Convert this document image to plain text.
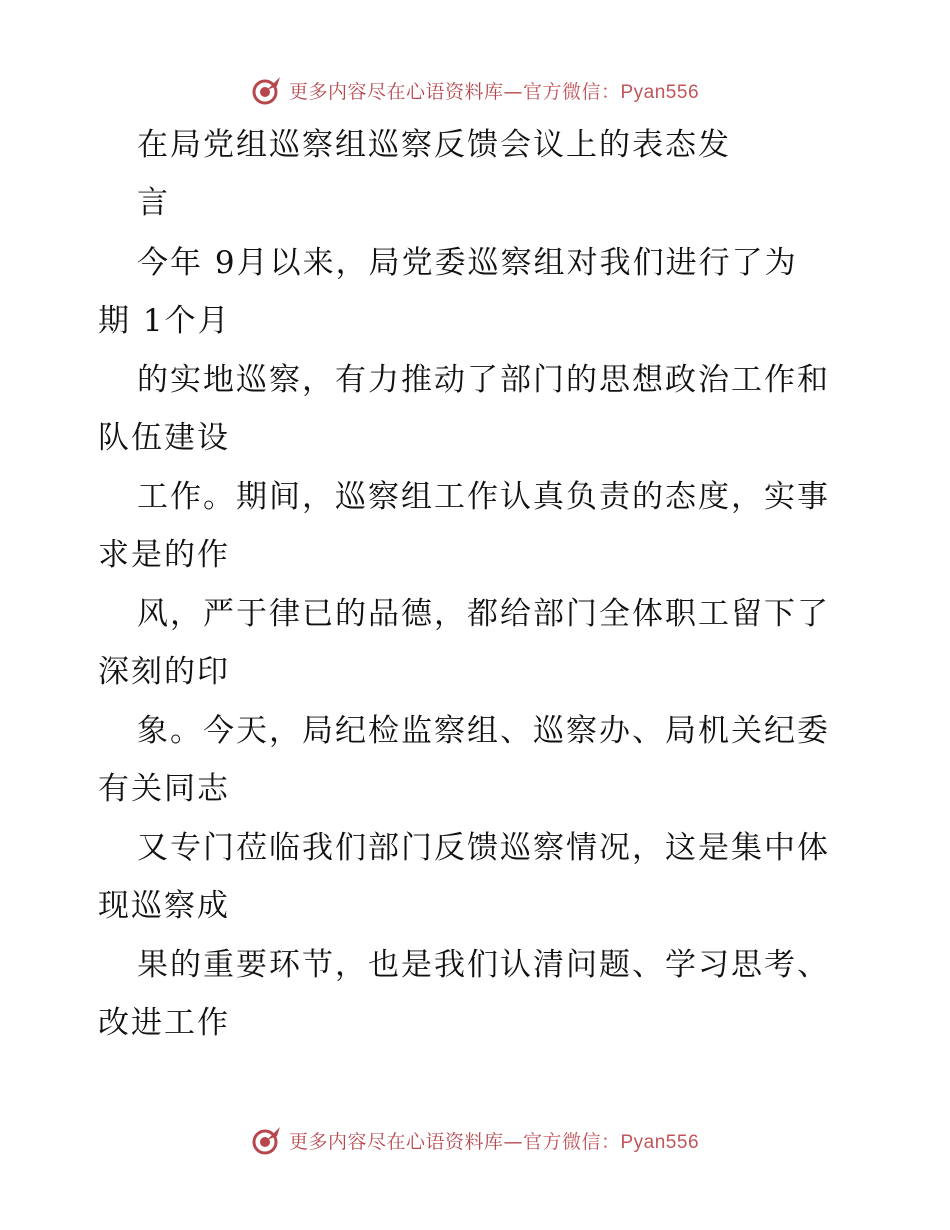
更多内容尽在心语资料库—官方微信：Pyan556
在局党组巡察组巡察反馈会议上的表态发
言
今年 9月以来，局党委巡察组对我们进行了为
期 1个月
的实地巡察，有力推动了部门的思想政治工作和
队伍建设
工作。期间，巡察组工作认真负责的态度，实事
求是的作
风，严于律已的品德，都给部门全体职工留下了
深刻的印
象。今天，局纪检监察组、巡察办、局机关纪委
有关同志
又专门莅临我们部门反馈巡察情况，这是集中体
现巡察成
果的重要环节，也是我们认清问题、学习思考、
改进工作
更多内容尽在心语资料库—官方微信：Pyan556
